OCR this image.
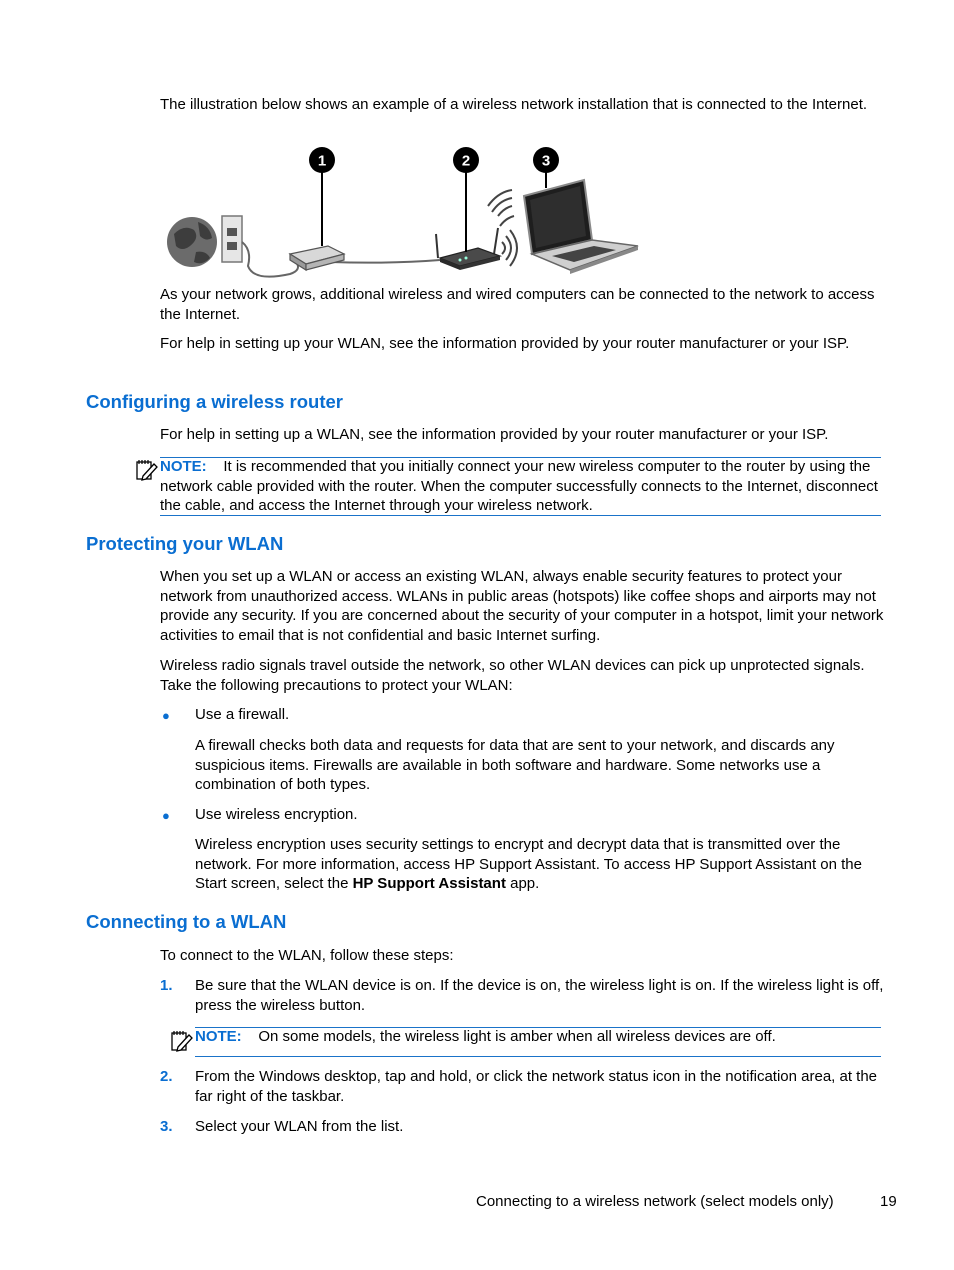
The illustration below shows an example of a wireless network installation that is connected to the Internet.

1	2	3

As your network grows, additional wireless and wired computers can be connected to the network to access the Internet.

For help in setting up your WLAN, see the information provided by your router manufacturer or your ISP.

Configuring a wireless router

For help in setting up a WLAN, see the information provided by your router manufacturer or your ISP.

NOTE: It is recommended that you initially connect your new wireless computer to the router by using the network cable provided with the router. When the computer successfully connects to the Internet, disconnect the cable, and access the Internet through your wireless network.

Protecting your WLAN

When you set up a WLAN or access an existing WLAN, always enable security features to protect your network from unauthorized access. WLANs in public areas (hotspots) like coffee shops and airports may not provide any security. If you are concerned about the security of your computer in a hotspot, limit your network activities to email that is not confidential and basic Internet surfing.

Wireless radio signals travel outside the network, so other WLAN devices can pick up unprotected signals. Take the following precautions to protect your WLAN:

● Use a firewall.

A firewall checks both data and requests for data that are sent to your network, and discards any suspicious items. Firewalls are available in both software and hardware. Some networks use a combination of both types.

● Use wireless encryption.

Wireless encryption uses security settings to encrypt and decrypt data that is transmitted over the network. For more information, access HP Support Assistant. To access HP Support Assistant on the Start screen, select the HP Support Assistant app.

Connecting to a WLAN

To connect to the WLAN, follow these steps:

1. Be sure that the WLAN device is on. If the device is on, the wireless light is on. If the wireless light is off, press the wireless button.

NOTE: On some models, the wireless light is amber when all wireless devices are off.

2. From the Windows desktop, tap and hold, or click the network status icon in the notification area, at the far right of the taskbar.

3. Select your WLAN from the list.

Connecting to a wireless network (select models only)	19
